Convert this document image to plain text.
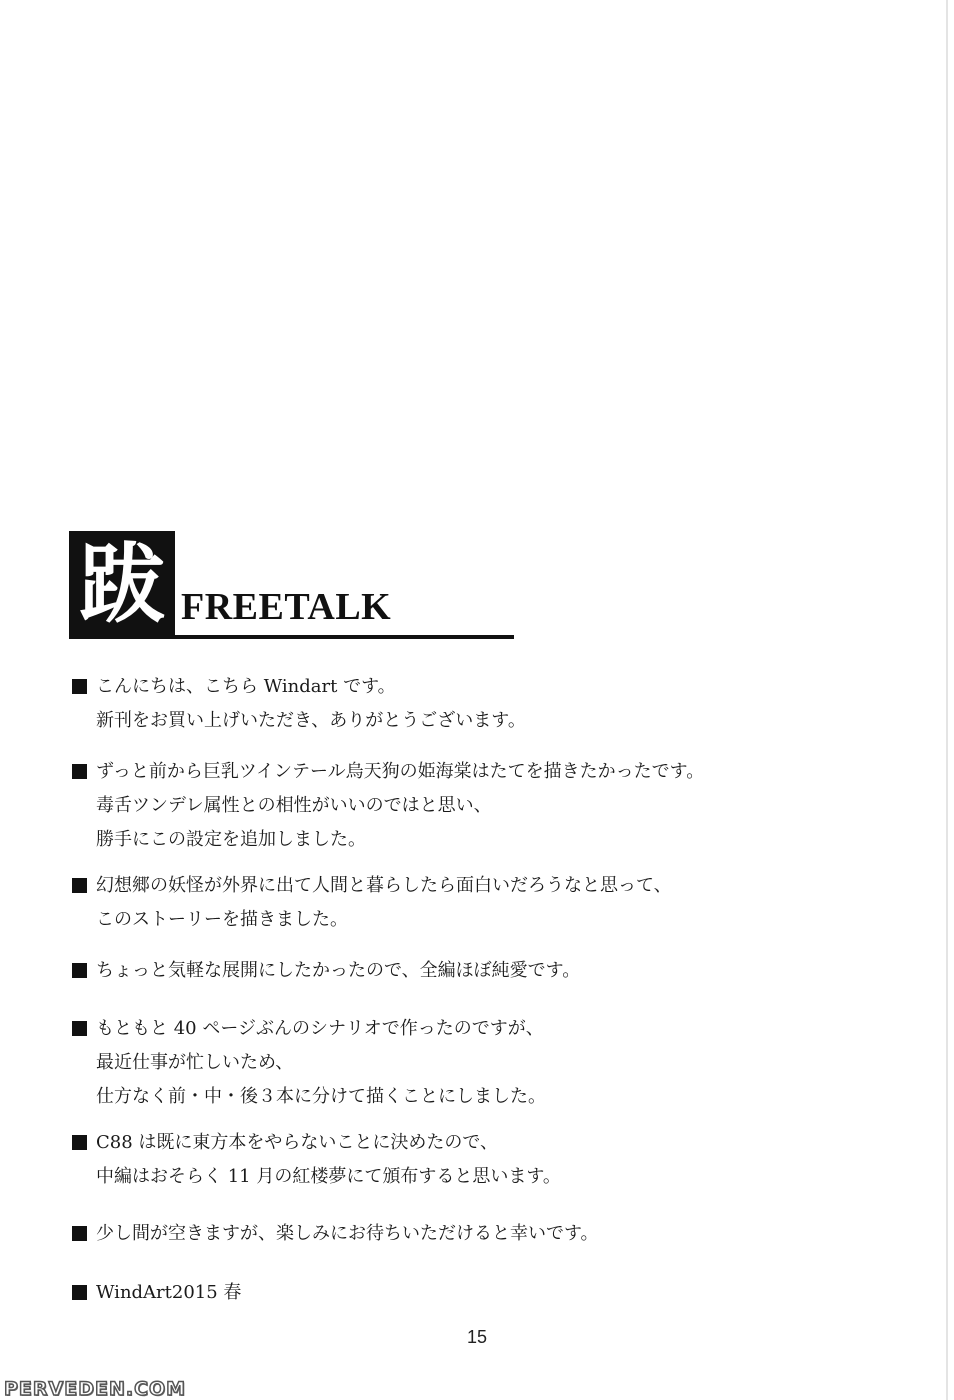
跋 FREETALK
こんにちは、こちら Windart です。
新刊をお買い上げいただき、ありがとうございます。
ずっと前から巨乳ツインテール烏天狗の姫海棠はたてを描きたかったです。
毒舌ツンデレ属性との相性がいいのではと思い、
勝手にこの設定を追加しました。
幻想郷の妖怪が外界に出て人間と暮らしたら面白いだろうなと思って、
このストーリーを描きました。
ちょっと気軽な展開にしたかったので、全編ほぼ純愛です。
もともと 40 ページぶんのシナリオで作ったのですが、
最近仕事が忙しいため、
仕方なく前・中・後３本に分けて描くことにしました。
C88 は既に東方本をやらないことに決めたので、
中編はおそらく 11 月の紅楼夢にて頒布すると思います。
少し間が空きますが、楽しみにお待ちいただけると幸いです。
WindArt2015 春
15
PERVEDEN.COM
